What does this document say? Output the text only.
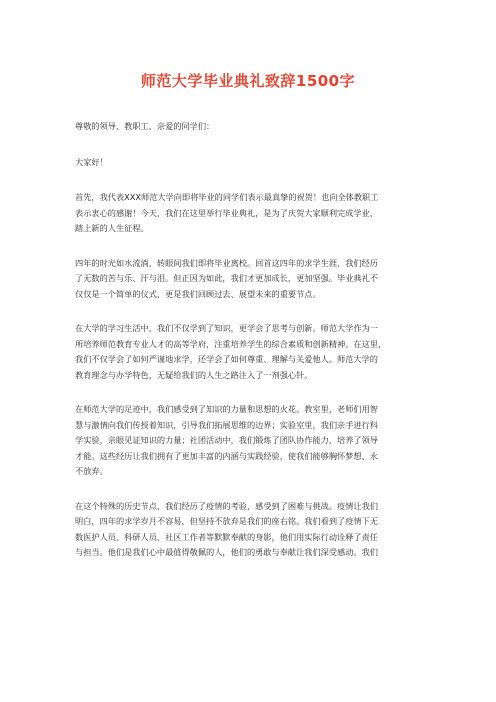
师范大学毕业典礼致辞1500字
尊敬的领导、教职工、亲爱的同学们：
大家好！
首先，我代表XXX师范大学向即将毕业的同学们表示最真挚的祝贺！也向全体教职工
表示衷心的感谢！今天，我们在这里举行毕业典礼，是为了庆贺大家顺利完成学业，
踏上新的人生征程。
四年的时光如水流淌，转眼间我们即将毕业离校。回首这四年的求学生涯，我们经历
了无数的苦与乐、汗与泪。但正因为如此，我们才更加成长，更加坚强。毕业典礼不
仅仅是一个简单的仪式，更是我们回顾过去、展望未来的重要节点。
在大学的学习生活中，我们不仅学到了知识，更学会了思考与创新。师范大学作为一
所培养师范教育专业人才的高等学府，注重培养学生的综合素质和创新精神。在这里，
我们不仅学会了如何严谨地求学，还学会了如何尊重、理解与关爱他人。师范大学的
教育理念与办学特色，无疑给我们的人生之路注入了一剂强心针。
在师范大学的足迹中，我们感受到了知识的力量和思想的火花。教室里，老师们用智
慧与激情向我们传授着知识，引导我们拓展思维的边界；实验室里，我们亲手进行科
学实验，亲眼见证知识的力量；社团活动中，我们锻炼了团队协作能力，培养了领导
才能。这些经历让我们拥有了更加丰富的内涵与实践经验，使我们能够胸怀梦想、永
不放弃。
在这个特殊的历史节点，我们经历了疫情的考验，感受到了困难与挑战。疫情让我们
明白，四年的求学岁月不容易，但坚持不放弃是我们的座右铭。我们看到了疫情下无
数医护人员、科研人员、社区工作者等默默奉献的身影，他们用实际行动诠释了责任
与担当。他们是我们心中最值得敬佩的人，他们的勇敢与奉献让我们深受感动。我们
